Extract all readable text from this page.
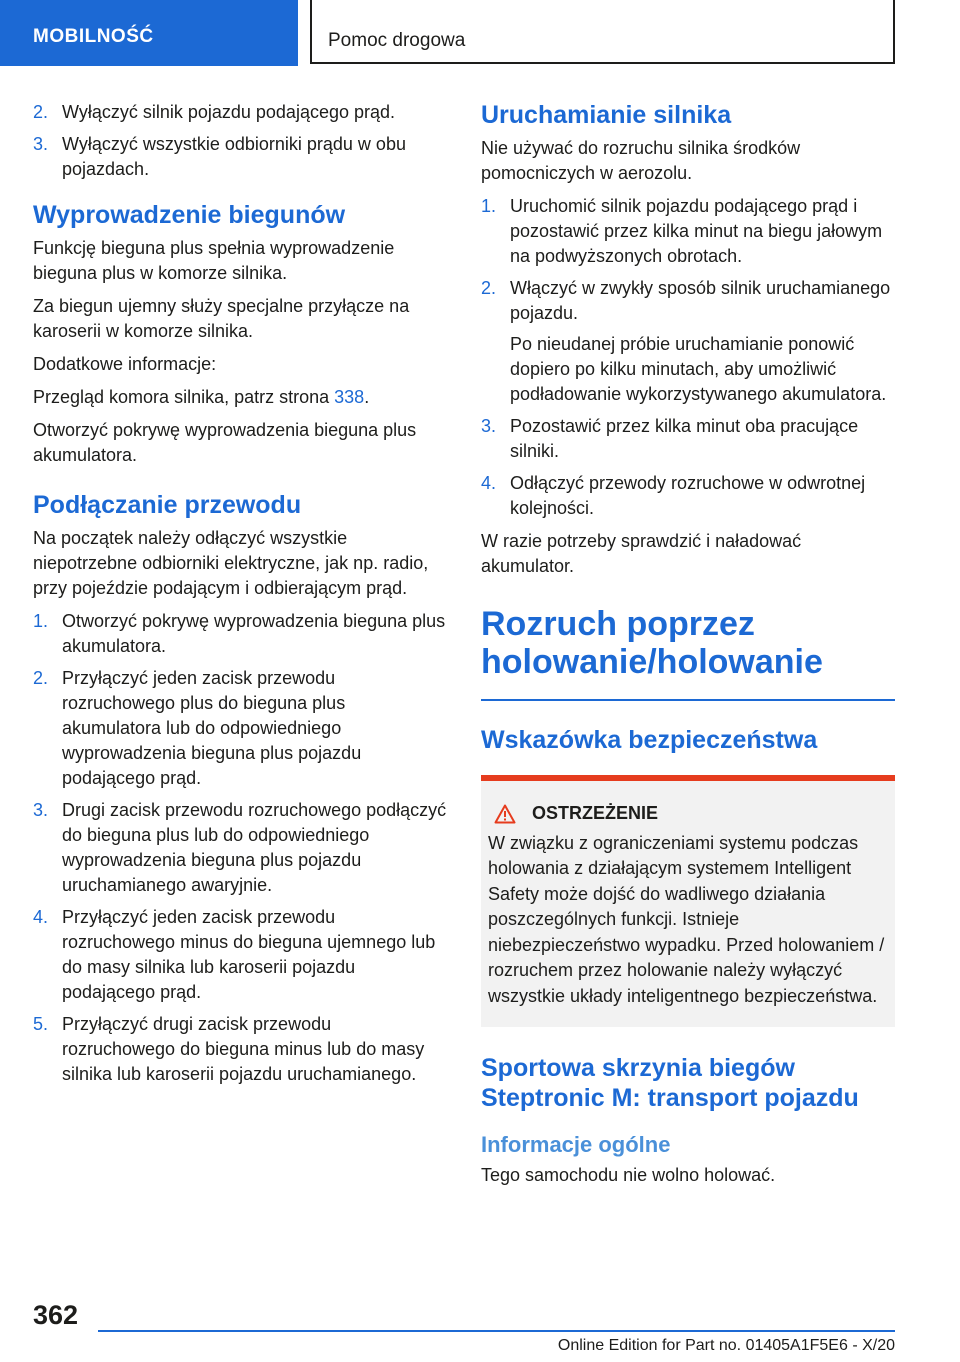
MOBILNOŚĆ	Pomoc drogowa
2. Wyłączyć silnik pojazdu podającego prąd.
3. Wyłączyć wszystkie odbiorniki prądu w obu pojazdach.
Wyprowadzenie biegunów

Funkcję bieguna plus spełnia wyprowadzenie bieguna plus w komorze silnika.

Za biegun ujemny służy specjalne przyłącze na karoserii w komorze silnika.

Dodatkowe informacje:

Przegląd komora silnika, patrz strona 338.

Otworzyć pokrywę wyprowadzenia bieguna plus akumulatora.

Podłączanie przewodu

Na początek należy odłączyć wszystkie niepotrzebne odbiorniki elektryczne, jak np. radio, przy pojeździe podającym i odbierającym prąd.

1. Otworzyć pokrywę wyprowadzenia bieguna plus akumulatora.
2. Przyłączyć jeden zacisk przewodu rozruchowego plus do bieguna plus akumulatora lub do odpowiedniego wyprowadzenia bieguna plus pojazdu podającego prąd.
3. Drugi zacisk przewodu rozruchowego podłączyć do bieguna plus lub do odpowiedniego wyprowadzenia bieguna plus pojazdu uruchamianego awaryjnie.
4. Przyłączyć jeden zacisk przewodu rozruchowego minus do bieguna ujemnego lub do masy silnika lub karoserii pojazdu podającego prąd.
5. Przyłączyć drugi zacisk przewodu rozruchowego do bieguna minus lub do masy silnika lub karoserii pojazdu uruchamianego.
Uruchamianie silnika

Nie używać do rozruchu silnika środków pomocniczych w aerozolu.

1. Uruchomić silnik pojazdu podającego prąd i pozostawić przez kilka minut na biegu jałowym na podwyższonych obrotach.
2. Włączyć w zwykły sposób silnik uruchamianego pojazdu.

Po nieudanej próbie uruchamianie ponowić dopiero po kilku minutach, aby umożliwić podładowanie wykorzystywanego akumulatora.

3. Pozostawić przez kilka minut oba pracujące silniki.
4. Odłączyć przewody rozruchowe w odwrotnej kolejności.

W razie potrzeby sprawdzić i naładować akumulator.

Rozruch poprzez holowanie/holowanie
Wskazówka bezpieczeństwa
OSTRZEŻENIE
W związku z ograniczeniami systemu podczas holowania z działającym systemem Intelligent Safety może dojść do wadliwego działania poszczególnych funkcji. Istnieje niebezpieczeństwo wypadku. Przed holowaniem / rozruchem przez holowanie należy wyłączyć wszystkie układy inteligentnego bezpieczeństwa.
Sportowa skrzynia biegów Steptronic M: transport pojazdu
Informacje ogólne

Tego samochodu nie wolno holować.

362
Online Edition for Part no. 01405A1F5E6 - X/20
